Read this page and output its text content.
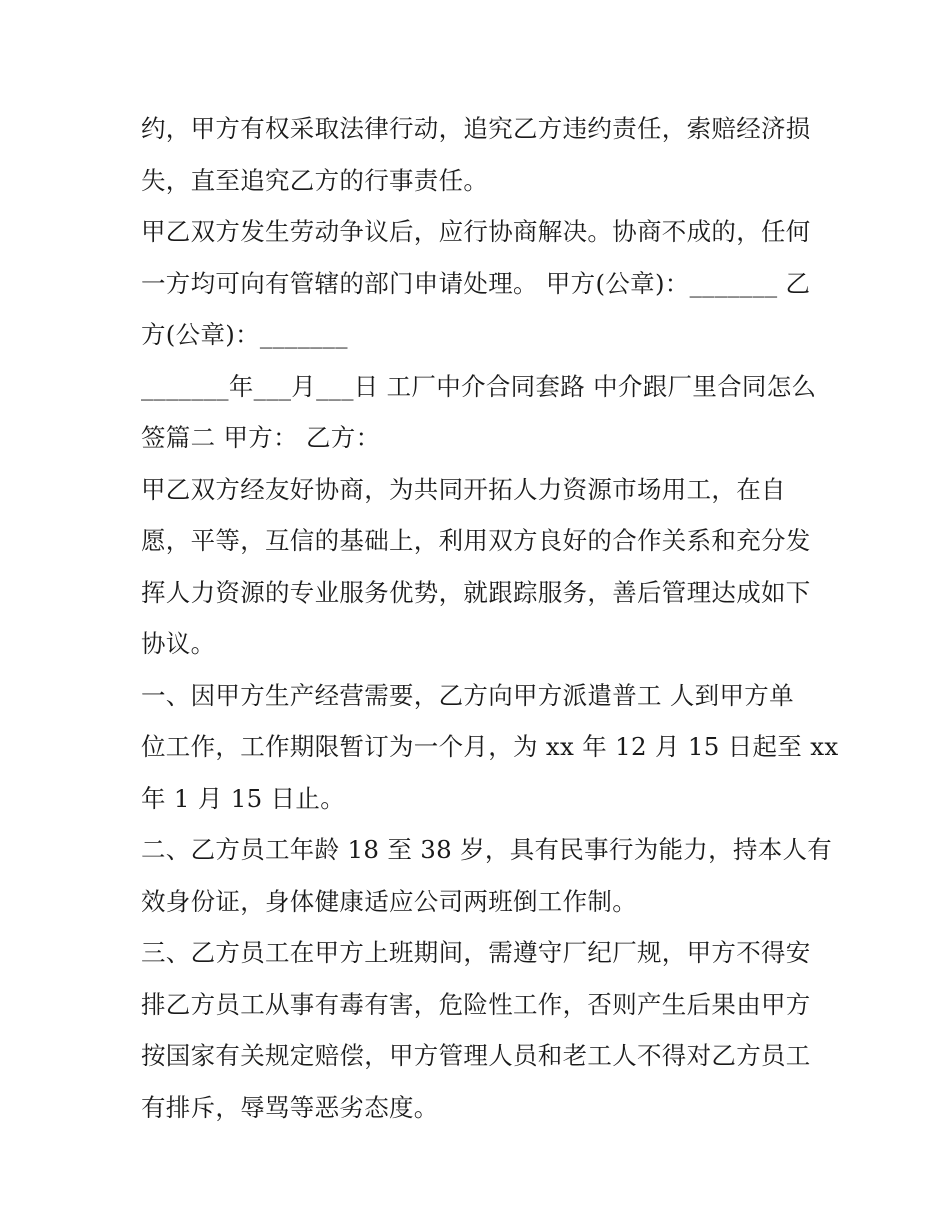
约，甲方有权采取法律行动，追究乙方违约责任，索赔经济损
失，直至追究乙方的行事责任。
甲乙双方发生劳动争议后，应行协商解决。协商不成的，任何
一方均可向有管辖的部门申请处理。 甲方(公章)：_______ 乙
方(公章)：_______
_______年___月___日 工厂中介合同套路 中介跟厂里合同怎么
签篇二 甲方： 乙方：
甲乙双方经友好协商，为共同开拓人力资源市场用工，在自
愿，平等，互信的基础上，利用双方良好的合作关系和充分发
挥人力资源的专业服务优势，就跟踪服务，善后管理达成如下
协议。
一、因甲方生产经营需要，乙方向甲方派遣普工 人到甲方单
位工作，工作期限暂订为一个月，为 xx 年 12 月 15 日起至 xx
年 1 月 15 日止。
二、乙方员工年龄 18 至 38 岁，具有民事行为能力，持本人有
效身份证，身体健康适应公司两班倒工作制。
三、乙方员工在甲方上班期间，需遵守厂纪厂规，甲方不得安
排乙方员工从事有毒有害，危险性工作，否则产生后果由甲方
按国家有关规定赔偿，甲方管理人员和老工人不得对乙方员工
有排斥，辱骂等恶劣态度。
